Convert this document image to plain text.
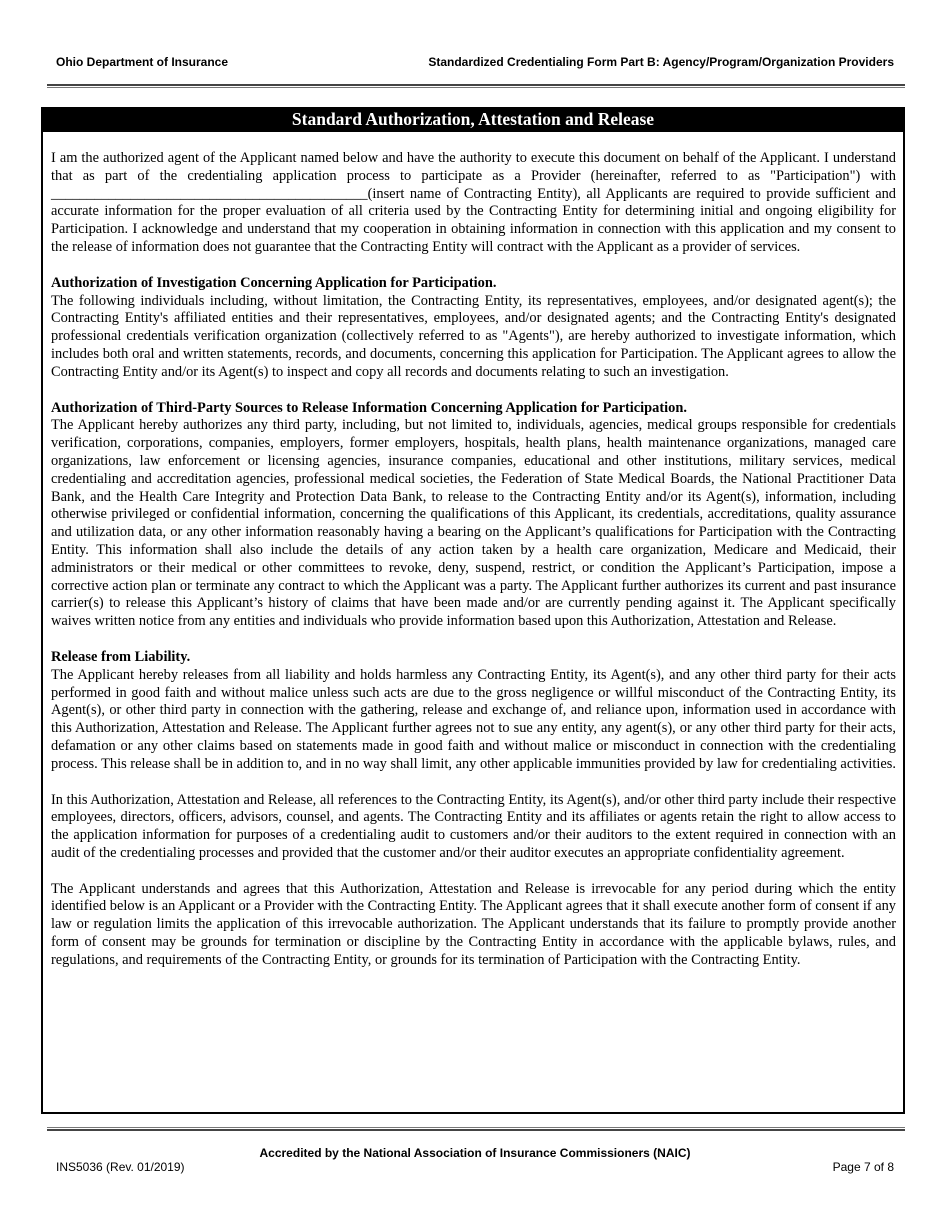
Ohio Department of Insurance	Standardized Credentialing Form Part B: Agency/Program/Organization Providers
Standard Authorization, Attestation and Release

I am the authorized agent of the Applicant named below and have the authority to execute this document on behalf of the Applicant. I understand that as part of the credentialing application process to participate as a Provider (hereinafter, referred to as "Participation") with ____________________________________________(insert name of Contracting Entity), all Applicants are required to provide sufficient and accurate information for the proper evaluation of all criteria used by the Contracting Entity for determining initial and ongoing eligibility for Participation. I acknowledge and understand that my cooperation in obtaining information in connection with this application and my consent to the release of information does not guarantee that the Contracting Entity will contract with the Applicant as a provider of services.

Authorization of Investigation Concerning Application for Participation.

The following individuals including, without limitation, the Contracting Entity, its representatives, employees, and/or designated agent(s); the Contracting Entity's affiliated entities and their representatives, employees, and/or designated agents; and the Contracting Entity's designated professional credentials verification organization (collectively referred to as "Agents"), are hereby authorized to investigate information, which includes both oral and written statements, records, and documents, concerning this application for Participation. The Applicant agrees to allow the Contracting Entity and/or its Agent(s) to inspect and copy all records and documents relating to such an investigation.

Authorization of Third-Party Sources to Release Information Concerning Application for Participation.

The Applicant hereby authorizes any third party, including, but not limited to, individuals, agencies, medical groups responsible for credentials verification, corporations, companies, employers, former employers, hospitals, health plans, health maintenance organizations, managed care organizations, law enforcement or licensing agencies, insurance companies, educational and other institutions, military services, medical credentialing and accreditation agencies, professional medical societies, the Federation of State Medical Boards, the National Practitioner Data Bank, and the Health Care Integrity and Protection Data Bank, to release to the Contracting Entity and/or its Agent(s), information, including otherwise privileged or confidential information, concerning the qualifications of this Applicant, its credentials, accreditations, quality assurance and utilization data, or any other information reasonably having a bearing on the Applicant’s qualifications for Participation with the Contracting Entity. This information shall also include the details of any action taken by a health care organization, Medicare and Medicaid, their administrators or their medical or other committees to revoke, deny, suspend, restrict, or condition the Applicant’s Participation, impose a corrective action plan or terminate any contract to which the Applicant was a party. The Applicant further authorizes its current and past insurance carrier(s) to release this Applicant’s history of claims that have been made and/or are currently pending against it. The Applicant specifically waives written notice from any entities and individuals who provide information based upon this Authorization, Attestation and Release.

Release from Liability.

The Applicant hereby releases from all liability and holds harmless any Contracting Entity, its Agent(s), and any other third party for their acts performed in good faith and without malice unless such acts are due to the gross negligence or willful misconduct of the Contracting Entity, its Agent(s), or other third party in connection with the gathering, release and exchange of, and reliance upon, information used in accordance with this Authorization, Attestation and Release. The Applicant further agrees not to sue any entity, any agent(s), or any other third party for their acts, defamation or any other claims based on statements made in good faith and without malice or misconduct in connection with the credentialing process. This release shall be in addition to, and in no way shall limit, any other applicable immunities provided by law for credentialing activities.

In this Authorization, Attestation and Release, all references to the Contracting Entity, its Agent(s), and/or other third party include their respective employees, directors, officers, advisors, counsel, and agents. The Contracting Entity and its affiliates or agents retain the right to allow access to the application information for purposes of a credentialing audit to customers and/or their auditors to the extent required in connection with an audit of the credentialing processes and provided that the customer and/or their auditor executes an appropriate confidentiality agreement.

The Applicant understands and agrees that this Authorization, Attestation and Release is irrevocable for any period during which the entity identified below is an Applicant or a Provider with the Contracting Entity. The Applicant agrees that it shall execute another form of consent if any law or regulation limits the application of this irrevocable authorization. The Applicant understands that its failure to promptly provide another form of consent may be grounds for termination or discipline by the Contracting Entity in accordance with the applicable bylaws, rules, and regulations, and requirements of the Contracting Entity, or grounds for its termination of Participation with the Contracting Entity.

Accredited by the National Association of Insurance Commissioners (NAIC)
INS5036 (Rev. 01/2019)	Page 7 of 8
